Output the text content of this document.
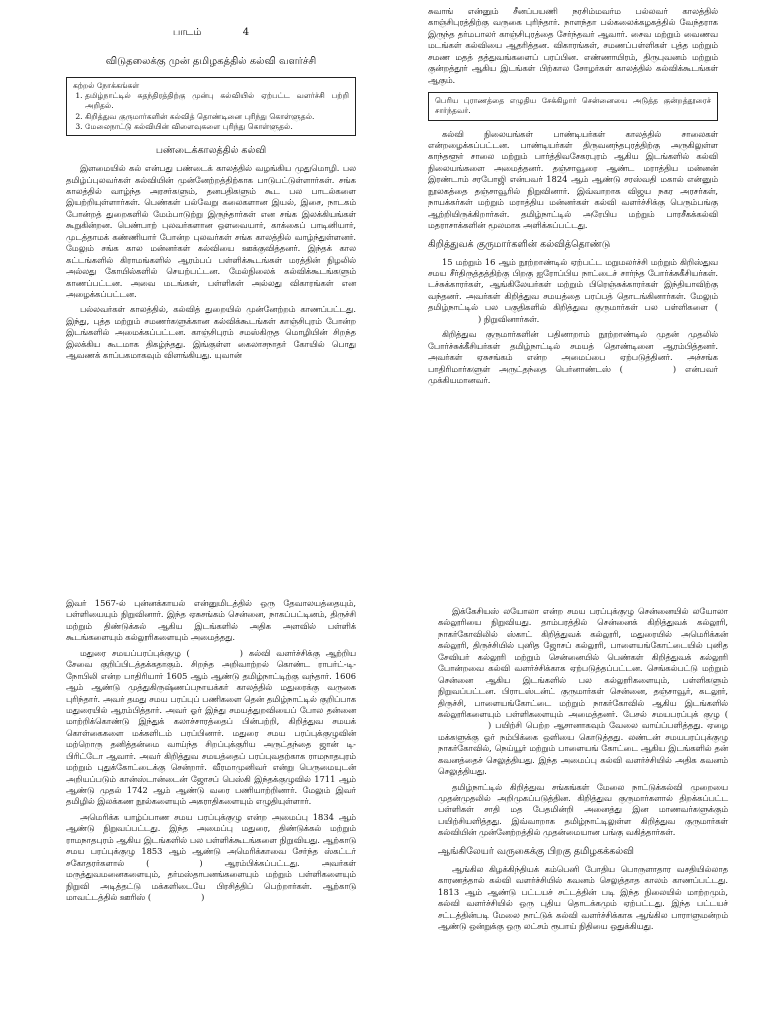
பாடம்	4
விடுதலைக்கு முன் தமிழகத்தில் கல்வி வளர்ச்சி
கற்றல் நோக்கங்கள்
1. தமிழ்நாட்டில் சுதந்திரத்திற்கு முன்பு கல்வியில் ஏற்பட்ட வளர்ச்சி பற்றி அறிதல்.
2. கிறித்துவ குருமார்களின் கல்வித் தொண்டினை புரிந்து கொள்ளுதல்.
3. மேலைநாட்டு கல்வியின் விளைவுகளை புரிந்து கொள்ளுதல்.
பண்டைக்காலத்தில் கல்வி

இளமையில் கல் என்பது பண்டைக் காலத்தில் வழங்கிய முதுமொழி. பல தமிழ்ப்புலவர்கள் கல்வியின் முன்னேற்றத்திற்காக பாடுபட்டுள்ளார்கள். சங்க காலத்தில் வாழ்ந்த அரசர்களும், தனபதிகளும் கூட பல பாடல்களை இயற்றியுள்ளார்கள். பெண்கள் பல்வேறு கலைகளான இயல், இசை, நாடகம் போன்றத் துறைகளில் மேம்பாடுற்று இருந்தார்கள் என சங்க இலக்கியங்கள் கூறுகின்றன. பெண்பாற் புலவர்களான ஔவையார், காக்கைப் பாடினியார், முடத்தாமக் கண்ணியார் போன்ற புலவர்கள் சங்க காலத்தில் வாழ்ந்துள்ளனர். மேலும் சங்க கால மன்னர்கள் கல்வியை ஊக்குவித்தனர். இந்தக் கால கட்டங்களில் கிராமங்களில் ஆரம்பப் பள்ளிக்கூடங்கள் மரத்தின் நிழலில் அல்லது கோயில்களில் செயற்பட்டன. மேல்நிலைக் கல்விக்கூடங்களும் காணப்பட்டன. அவை மடங்கள், பள்ளிகள் அல்லது விகாரங்கள் என அழைக்கப்பட்டன.

பல்லவர்கள் காலத்தில், கல்வித் துறையில் முன்னேற்றம் காணப்பட்டது. இந்து, புத்த மற்றும் சமணர்களுக்கான கல்விக்கூடங்கள் காஞ்சிபுரம் போன்ற இடங்களில் அமைக்கப்பட்டன. காஞ்சிபுரம் சமஸ்கிருத மொழியின் சிறந்த இலக்கிய கூடமாக திகழ்ந்தது. இங்குள்ள கைலாசநாதர் கோயில் பொது ஆவணக் காப்பகமாகவும் விளங்கியது. யுவான்

சுவாங் என்னும் சீனப்பயணி நரசிம்மவர்ம பல்லவர் காலத்தில் காஞ்சிபுரத்திற்கு வருகை புரிந்தார். நாளந்தா பல்கலைக்கழகத்தில் வேந்தராக இருந்த தர்மபாலர் காஞ்சிபுரத்தை சேர்ந்தவர் ஆவார். சைவ மற்றும் வைணவ மடங்கள் கல்வியை ஆதரித்தன. விகாரங்கள், சமணப்பள்ளிகள் புத்த மற்றும் சமண மதத் தத்துவங்களைப் பரப்பின. எண்ணாயிரம், திருபுவனம் மற்றும் குன்றத்தூர் ஆகிய இடங்கள் பிற்கால சோழர்கள் காலத்தில் கல்விக்கூடங்கள் ஆகும்.

பெரிய புராணத்தை எழுதிய சேக்கிழார் சென்னையை அடுத்த குன்றத்தூரைச் சார்ந்தவர்.

கல்வி நிலையங்கள் பாண்டியர்கள் காலத்தில் சாலைகள் என்றழைக்கப்பட்டன. பாண்டியர்கள் திருவனந்தபுரத்திற்கு அருகிலுள்ள காந்தளூர் சாலை மற்றும் பார்த்திவசேகரபுரம் ஆகிய இடங்களில் கல்வி நிலையங்களை அமைத்தனர். தஞ்சாவூரை ஆண்ட மராத்திய மன்னன் இரண்டாம் சரபோஜி என்பவர் 1824 ஆம் ஆண்டு சரஸ்வதி மகால் என்னும் நூலகத்தை தஞ்சாவூரில் நிறுவினார். இவ்வாறாக விஜய நகர அரசர்கள், நாயக்கர்கள் மற்றும் மராத்திய மன்னர்கள் கல்வி வளர்ச்சிக்கு பெரும்பங்கு ஆற்றியிருக்கிறார்கள். தமிழ்நாட்டில் அரேபிய மற்றும் பாரசீகக்கல்வி மதராசாக்களின் மூலமாக அளிக்கப்பட்டது.

கிறித்துவக் குருமார்களின் கல்வித்தொண்டு

15 மற்றும் 16 ஆம் நூற்றாண்டில் ஏற்பட்ட மறுமலர்ச்சி மற்றும் கிறிஸ்துவ சமய சீர்திருத்தத்திற்கு பிறகு ஐரோப்பிய நாட்டைச் சார்ந்த போர்க்சுகீசியர்கள். டச்சுக்காரர்கள், ஆங்கிலேயர்கள் மற்றும் பிரெஞ்சுக்காரர்கள் இந்தியாவிற்கு வந்தனர். அவர்கள் கிறித்துவ சமயத்தை பரப்பத் தொடங்கினார்கள். மேலும் தமிழ்நாட்டில் பல பகுதிகளில் கிறித்துவ குருமார்கள் பல பள்ளிகளை () நிறுவினார்கள்.

கிறித்துவ குருமார்களின் பதினாறாம் நூற்றாண்டில் முதன் முதலில் போர்ச்சுக்கீசியர்கள் தமிழ்நாட்டில் சமயத் தொண்டினை ஆரம்பித்தனர். அவர்கள் ஏசுசங்கம் என்ற அமைப்பை ஏற்படுத்தினர். அச்சங்க பாதிரிமார்களுள் அருட்தந்தை பெர்னாண்டஸ் (	) என்பவர் முக்கியமானவர்.

இவர் 1567-ல் புன்னக்காயல் என்னுமிடத்தில் ஒரு தேவாலயத்தையும், பள்ளியையும் நிறுவினார். இந்த ஏசுசங்கம் சென்னை, நாகப்பட்டினம், திருச்சி மற்றும் திண்டுக்கல் ஆகிய இடங்களில் அதிக அளவில் பள்ளிக் கூடங்களையும் கல்லூரிகளையும் அமைத்தது.

மதுரை சமயப்பரப்புக்குழு (	) கல்வி வளர்ச்சிக்கு ஆற்றிய சேவை குறிப்பிடத்தக்கதாகும். சிறந்த அறிவாற்றல் கொண்ட ராபர்ட்-டி-நோபிலி என்ற பாதிரியார் 1605 ஆம் ஆண்டு தமிழ்நாட்டிற்கு வந்தார். 1606 ஆம் ஆண்டு முத்துகிருஷ்ணப்பநாயக்கர் காலத்தில் மதுரைக்கு வருகை புரிந்தார். அவர் தமது சமய பரப்புப் பணிகளை தென் தமிழ்நாட்டில் குறிப்பாக மதுரையில் ஆரம்பித்தார். அவர் ஓர் இந்து சமயத்துறவியைப் போல தன்னை மாற்றிக்கொண்டு இந்துக் கலாச்சாரத்தைப் பின்பற்றி, கிறித்துவ சமயக் கொள்கைகளை மக்களிடம் பரப்பினார். மதுரை சமய பரப்புக்குழுவின் மற்றொரு தனித்தன்மை வாய்ந்த சிறப்புக்குரிய அருட்தந்தை ஜான் டி-பிரிட்டோ ஆவார். அவர் கிறித்துவ சமயத்தைப் பரப்புவதற்காக ராமநாதபுரம் மற்றும் புதுக்கோட்டைக்கு சென்றார். வீரமாமுனிவர் என்று பெருமையுடன் அறியப்படும் கான்ஸ்டான்டைன் ஜோசப் பெஸ்கி இந்தக்குழுவில் 1711 ஆம் ஆண்டு முதல் 1742 ஆம் ஆண்டு வரை பணியாற்றினார். மேலும் இவர் தமிழில் இலக்கண நூல்களையும் அகராதிகளையும் எழுதியுள்ளார்.

அமெரிக்க யாழ்ப்பாண சமய பரப்புக்குழு என்ற அமைப்பு 1834 ஆம் ஆண்டு நிறுவப்பட்டது. இந்த அமைப்பு மதுரை, திண்டுக்கல் மற்றும் ராமநாதபுரம் ஆகிய இடங்களில் பல பள்ளிக்கூடங்களை நிறுவியது. ஆற்காடு சமய பரப்புக்குழு 1853 ஆம் ஆண்டு அமெரிக்காவை சேர்ந்த ஸ்கட்டர் சகோதரர்களால் (	) ஆரம்பிக்கப்பட்டது. அவர்கள் மருத்துவமனைகளையும், தர்மஸ்தாபனங்களையும் மற்றும் பள்ளிகளையும் நிறுவி அடித்தட்டு மக்களிடையே பிரசித்திப் பெற்றார்கள். ஆற்காடு மாவட்டத்தில் ஊரிஸ் (	)

இக்கேசியஸ் லயோலா என்ற சமய பரப்புக்குழு சென்னையில் லயோலா கல்லூரியை நிறுவியது. தாம்பரத்தில் சென்னைக் கிறித்துவக் கல்லூரி, நாகர்கோவிலில் ஸ்காட் கிறித்துவக் கல்லூரி, மதுரையில் அமெரிக்கன் கல்லூரி, திருச்சியில் புனித ஜோசப் கல்லூரி, பாளையங்கோட்டையில் புனித சேவியர் கல்லூரி மற்றும் சென்னையில் பெண்கள் கிறித்துவக் கல்லூரி போன்றவை கல்வி வளர்ச்சிக்காக ஏற்படுத்தப்பட்டன. செங்கல்பட்டு மற்றும் சென்னை ஆகிய இடங்களில் பல கல்லூரிகளையும், பள்ளிகளும் நிறுவப்பட்டன. பிராடஸ்டன்ட் குருமார்கள் சென்னை, தஞ்சாவூர், கடலூர், திருச்சி, பாளையங்கோட்டை மற்றும் நாகர்கோவில் ஆகிய இடங்களில் கல்லூரிகளையும் பள்ளிகளையும் அமைத்தனர். பேசல் சமயபரப்புக் குழு () பயிற்சி பெற்ற ஆசானாகவும் வேலை வாய்ப்பளித்தது. ஏழை மக்களுக்கு ஓர் நம்பிக்கை ஒளியை கொடுத்தது. லண்டன் சமயபரப்புக்குழு நாகர்கோவில், நெய்யூர் மற்றும் பாளையங் கோட்டை ஆகிய இடங்களில் தன் கவனத்தைச் செலுத்தியது. இந்த அமைப்பு கல்வி வளர்ச்சியில் அதிக கவனம் செலுத்தியது.

தமிழ்நாட்டில் கிறித்துவ சங்கங்கள் மேலை நாட்டுக்கல்வி முறையை முதன்முதலில் அறிமுகப்படுத்தின. கிறித்துவ குருமார்களால் திறக்கப்பட்ட பள்ளிகள் சாதி மத பேதமின்றி அனைத்து இன மாணவர்களுக்கும் பயிற்சியளித்தது. இவ்வாறாக தமிழ்நாட்டிலுள்ள கிறித்துவ குருமார்கள் கல்வியின் முன்னேற்றத்தில் முதன்மையான பங்கு வகித்தார்கள்.

ஆங்கிலேயர் வருகைக்கு பிறகு தமிழகக்கல்வி

ஆங்கில கிழக்கிந்தியக் கம்பெனி போதிய பொருளாதார வசதியில்லாத காரணத்தால் கல்வி வளர்ச்சியில் கவனம் செலுத்தாத காலம் காணப்பட்டது. 1813 ஆம் ஆண்டு பட்டயச் சட்டத்தின் படி இந்த நிலையில் மாற்றமும், கல்வி வளர்ச்சியில் ஒரு புதிய தொடக்கமும் ஏற்பட்டது. இந்த பட்டயச் சட்டத்தின்படி மேலை நாட்டுக் கல்வி வளர்ச்சிக்காக ஆங்கில பாராளுமன்றம் ஆண்டு ஒன்றுக்கு ஒரு லட்சம் ரூபாய் நிதியை ஒதுக்கியது.
